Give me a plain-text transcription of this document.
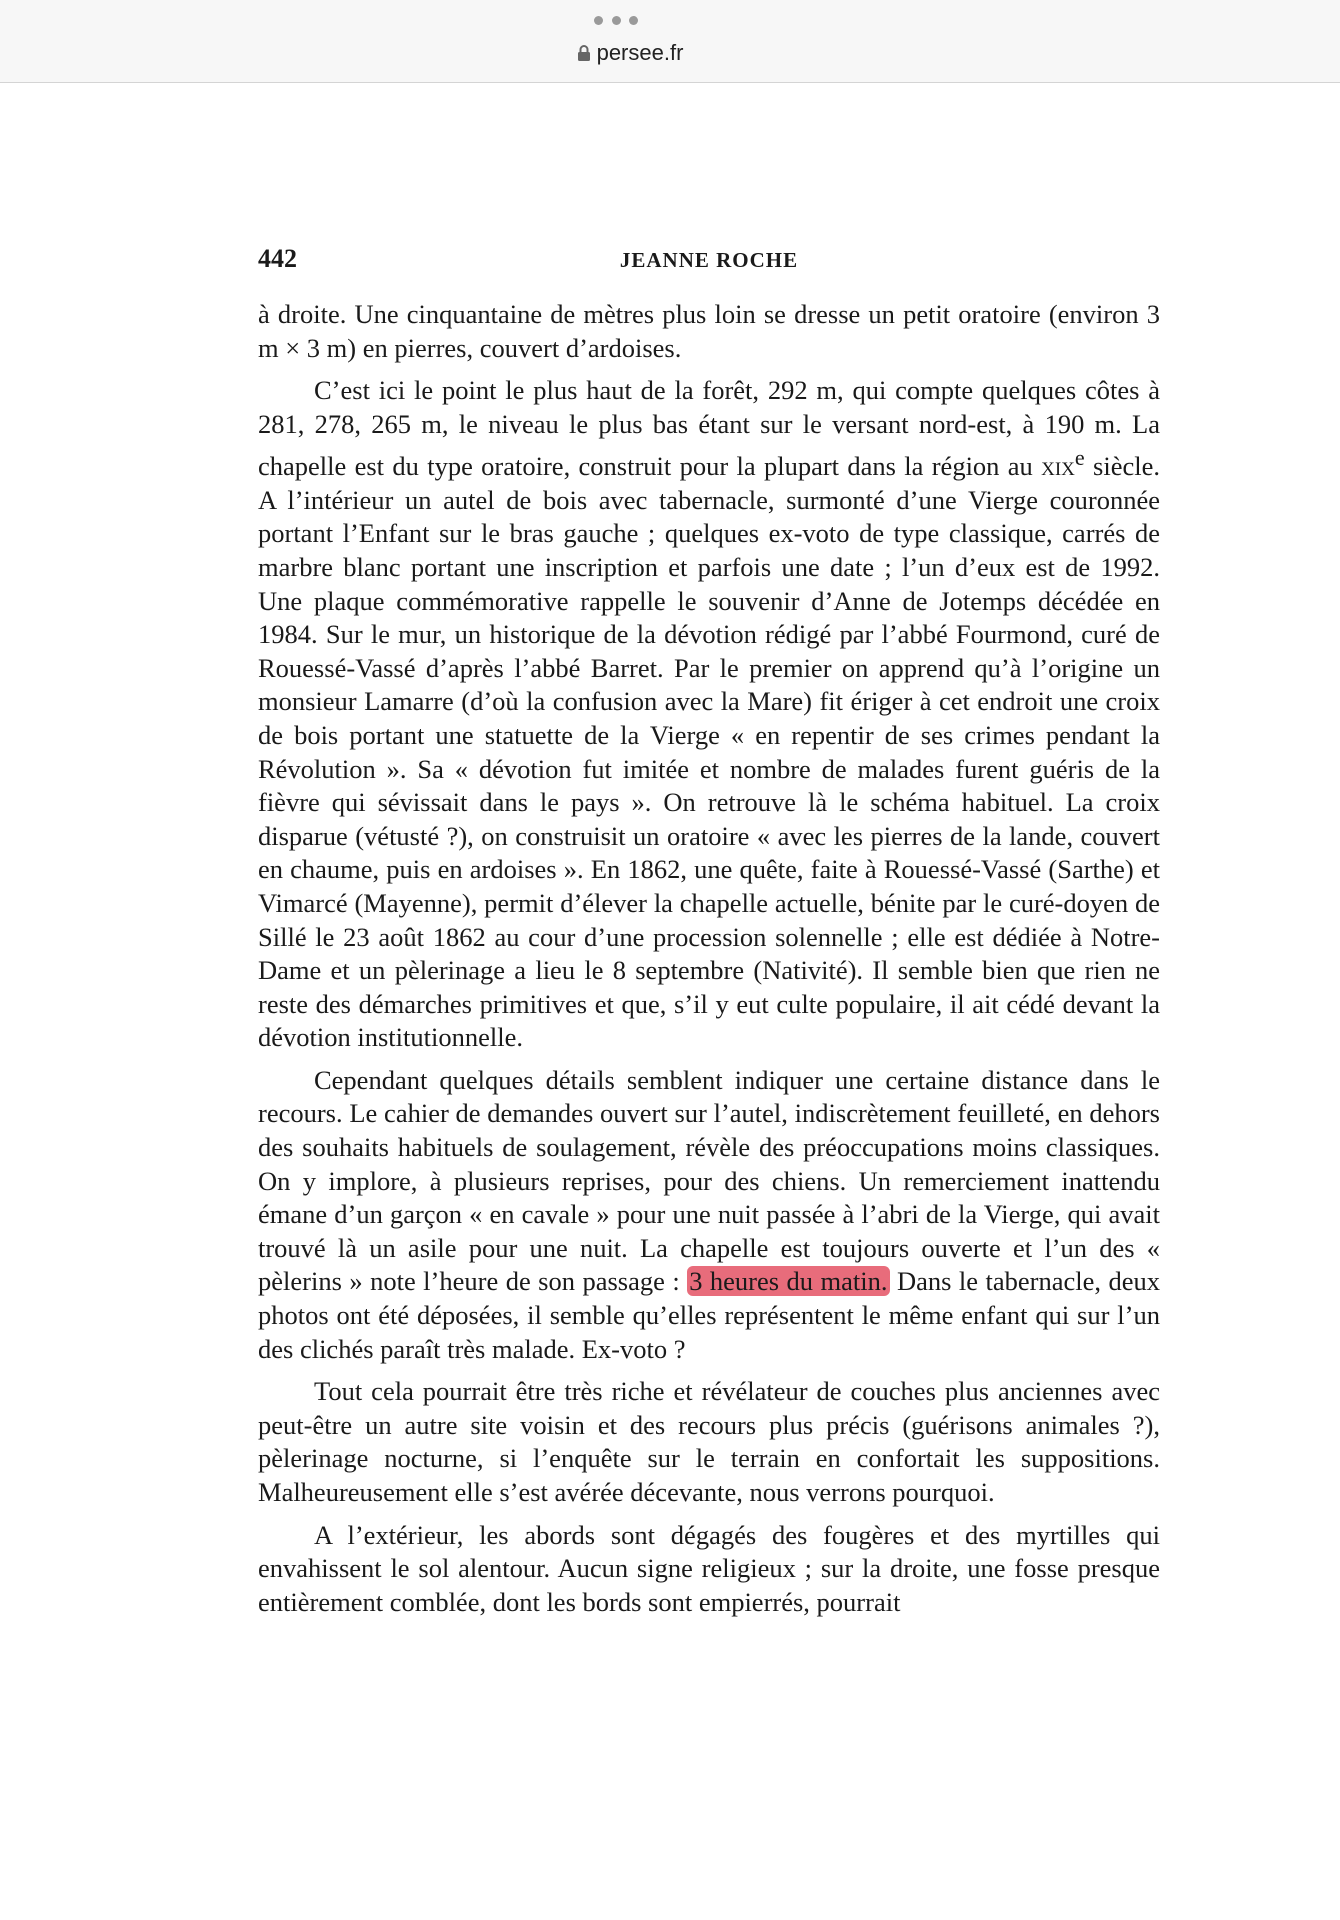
persee.fr
442	JEANNE ROCHE

à droite. Une cinquantaine de mètres plus loin se dresse un petit oratoire (environ 3 m × 3 m) en pierres, couvert d’ardoises.

C’est ici le point le plus haut de la forêt, 292 m, qui compte quelques côtes à 281, 278, 265 m, le niveau le plus bas étant sur le versant nord-est, à 190 m. La chapelle est du type oratoire, construit pour la plupart dans la région au xix$^e$ siècle. A l’intérieur un autel de bois avec tabernacle, surmonté d’une Vierge couronnée portant l’Enfant sur le bras gauche ; quelques ex-voto de type classique, carrés de marbre blanc portant une inscription et parfois une date ; l’un d’eux est de 1992. Une plaque commémorative rappelle le souvenir d’Anne de Jotemps décédée en 1984. Sur le mur, un historique de la dévotion rédigé par l’abbé Fourmond, curé de Rouessé-Vassé d’après l’abbé Barret. Par le premier on apprend qu’à l’origine un monsieur Lamarre (d’où la confusion avec la Mare) fit ériger à cet endroit une croix de bois portant une statuette de la Vierge « en repentir de ses crimes pendant la Révolution ». Sa « dévotion fut imitée et nombre de malades furent guéris de la fièvre qui sévissait dans le pays ». On retrouve là le schéma habituel. La croix disparue (vétusté ?), on construisit un oratoire « avec les pierres de la lande, couvert en chaume, puis en ardoises ». En 1862, une quête, faite à Rouessé-Vassé (Sarthe) et Vimarcé (Mayenne), permit d’élever la chapelle actuelle, bénite par le curé-doyen de Sillé le 23 août 1862 au cour d’une procession solennelle ; elle est dédiée à Notre-Dame et un pèlerinage a lieu le 8 septembre (Nativité). Il semble bien que rien ne reste des démarches primitives et que, s’il y eut culte populaire, il ait cédé devant la dévotion institutionnelle.

Cependant quelques détails semblent indiquer une certaine distance dans le recours. Le cahier de demandes ouvert sur l’autel, indiscrètement feuilleté, en dehors des souhaits habituels de soulagement, révèle des préoccupations moins classiques. On y implore, à plusieurs reprises, pour des chiens. Un remerciement inattendu émane d’un garçon « en cavale » pour une nuit passée à l’abri de la Vierge, qui avait trouvé là un asile pour une nuit. La chapelle est toujours ouverte et l’un des « pèlerins » note l’heure de son passage : 3 heures du matin. Dans le tabernacle, deux photos ont été déposées, il semble qu’elles représentent le même enfant qui sur l’un des clichés paraît très malade. Ex-voto ?

Tout cela pourrait être très riche et révélateur de couches plus anciennes avec peut-être un autre site voisin et des recours plus précis (guérisons animales ?), pèlerinage nocturne, si l’enquête sur le terrain en confortait les suppositions. Malheureusement elle s’est avérée décevante, nous verrons pourquoi.

A l’extérieur, les abords sont dégagés des fougères et des myrtilles qui envahissent le sol alentour. Aucun signe religieux ; sur la droite, une fosse presque entièrement comblée, dont les bords sont empierrés, pourrait
